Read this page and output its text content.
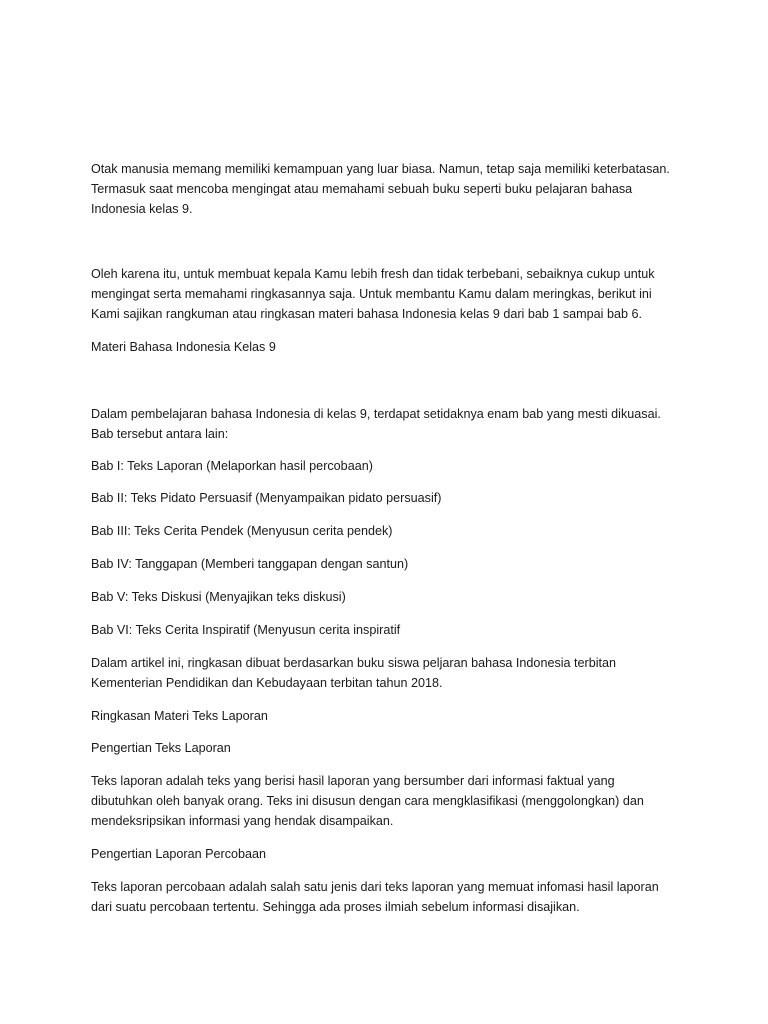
Otak manusia memang memiliki kemampuan yang luar biasa. Namun, tetap saja memiliki keterbatasan.
Termasuk saat mencoba mengingat atau memahami sebuah buku seperti buku pelajaran bahasa
Indonesia kelas 9.
Oleh karena itu, untuk membuat kepala Kamu lebih fresh dan tidak terbebani, sebaiknya cukup untuk
mengingat serta memahami ringkasannya saja. Untuk membantu Kamu dalam meringkas, berikut ini
Kami sajikan rangkuman atau ringkasan materi bahasa Indonesia kelas 9 dari bab 1 sampai bab 6.
Materi Bahasa Indonesia Kelas 9
Dalam pembelajaran bahasa Indonesia di kelas 9, terdapat setidaknya enam bab yang mesti dikuasai.
Bab tersebut antara lain:
Bab I: Teks Laporan (Melaporkan hasil percobaan)
Bab II: Teks Pidato Persuasif (Menyampaikan pidato persuasif)
Bab III: Teks Cerita Pendek (Menyusun cerita pendek)
Bab IV: Tanggapan (Memberi tanggapan dengan santun)
Bab V: Teks Diskusi (Menyajikan teks diskusi)
Bab VI: Teks Cerita Inspiratif (Menyusun cerita inspiratif
Dalam artikel ini, ringkasan dibuat berdasarkan buku siswa peljaran bahasa Indonesia terbitan
Kementerian Pendidikan dan Kebudayaan terbitan tahun 2018.
Ringkasan Materi Teks Laporan
Pengertian Teks Laporan
Teks laporan adalah teks yang berisi hasil laporan yang bersumber dari informasi faktual yang
dibutuhkan oleh banyak orang. Teks ini disusun dengan cara mengklasifikasi (menggolongkan) dan
mendeksripsikan informasi yang hendak disampaikan.
Pengertian Laporan Percobaan
Teks laporan percobaan adalah salah satu jenis dari teks laporan yang memuat infomasi hasil laporan
dari suatu percobaan tertentu. Sehingga ada proses ilmiah sebelum informasi disajikan.
